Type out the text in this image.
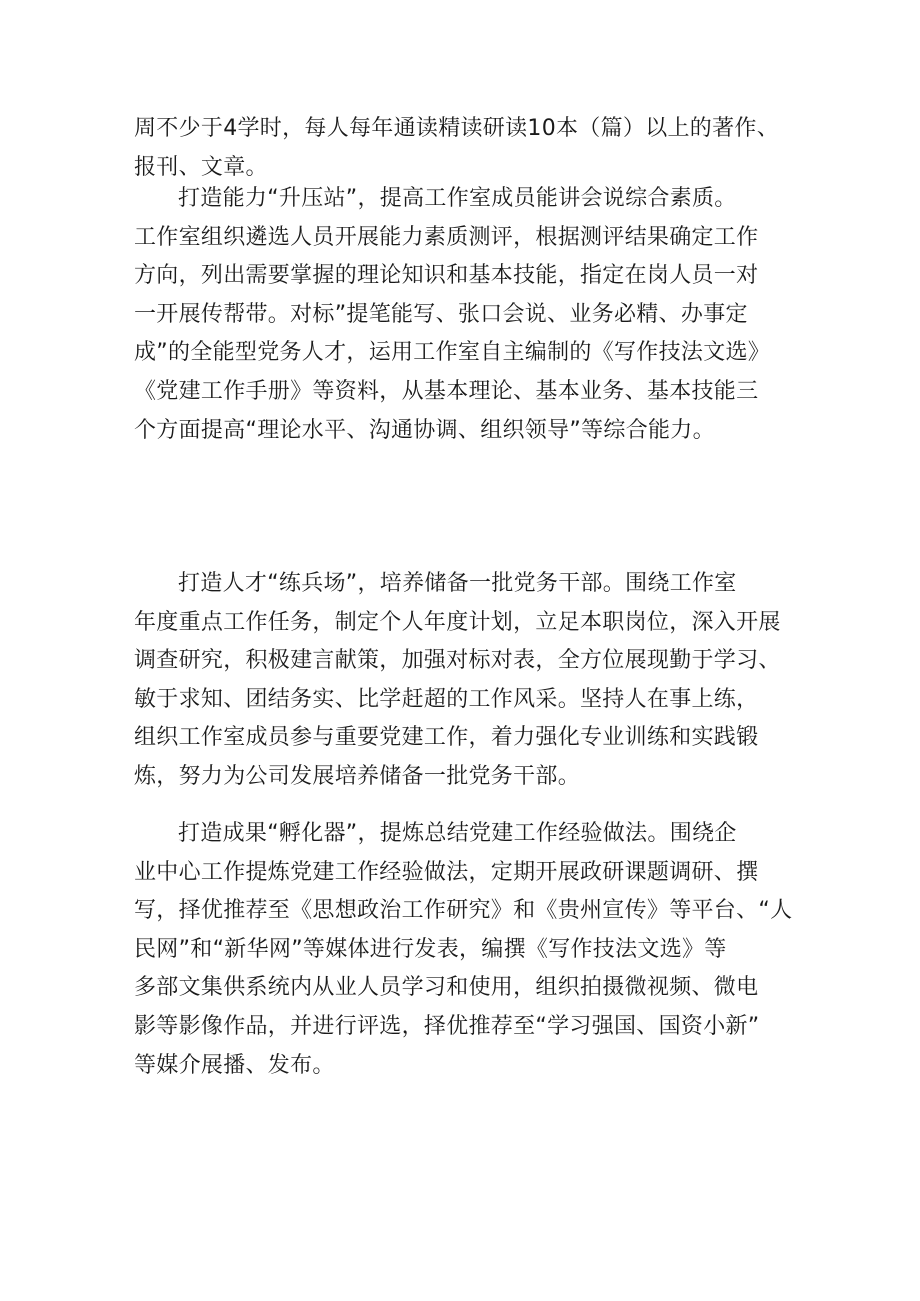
周不少于4学时，每人每年通读精读研读10本（篇）以上的著作、
报刊、文章。
打造能力“升压站”，提高工作室成员能讲会说综合素质。
工作室组织遴选人员开展能力素质测评，根据测评结果确定工作
方向，列出需要掌握的理论知识和基本技能，指定在岗人员一对
一开展传帮带。对标”提笔能写、张口会说、业务必精、办事定
成”的全能型党务人才，运用工作室自主编制的《写作技法文选》
《党建工作手册》等资料，从基本理论、基本业务、基本技能三
个方面提高“理论水平、沟通协调、组织领导”等综合能力。
打造人才“练兵场”，培养储备一批党务干部。围绕工作室
年度重点工作任务，制定个人年度计划，立足本职岗位，深入开展
调查研究，积极建言献策，加强对标对表，全方位展现勤于学习、
敏于求知、团结务实、比学赶超的工作风采。坚持人在事上练，
组织工作室成员参与重要党建工作，着力强化专业训练和实践锻
炼，努力为公司发展培养储备一批党务干部。
打造成果“孵化器”，提炼总结党建工作经验做法。围绕企
业中心工作提炼党建工作经验做法，定期开展政研课题调研、撰
写，择优推荐至《思想政治工作研究》和《贵州宣传》等平台、“人
民网”和“新华网”等媒体进行发表，编撰《写作技法文选》等
多部文集供系统内从业人员学习和使用，组织拍摄微视频、微电
影等影像作品，并进行评选，择优推荐至“学习强国、国资小新”
等媒介展播、发布。
